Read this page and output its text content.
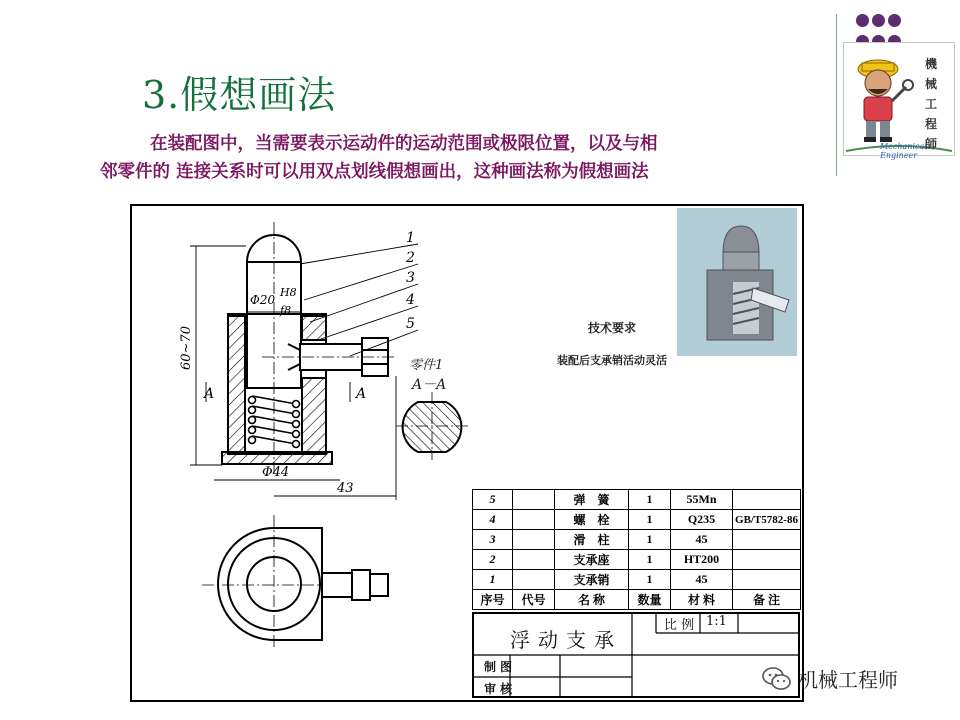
3.假想画法
在装配图中，当需要表示运动件的运动范围或极限位置，以及与相
邻零件的 连接关系时可以用双点划线假想画出，这种画法称为假想画法

機械工程師
Mechanical Engineer
1
2
3
4
5
60~70
Φ20
H8
f8
Φ44
43
A	A
零件1
A－A
技术要求
装配后支承销活动灵活
5		弹　簧	1	55Mn	
4		螺　栓	1	Q235	GB/T5782-86
3		滑　柱	1	45	
2		支承座	1	HT200	
1		支承销	1	45	
序号	代号	名 称	数量	材 料	备 注
浮动支承
比 例 1:1
制 图
审 核	机械工程师
